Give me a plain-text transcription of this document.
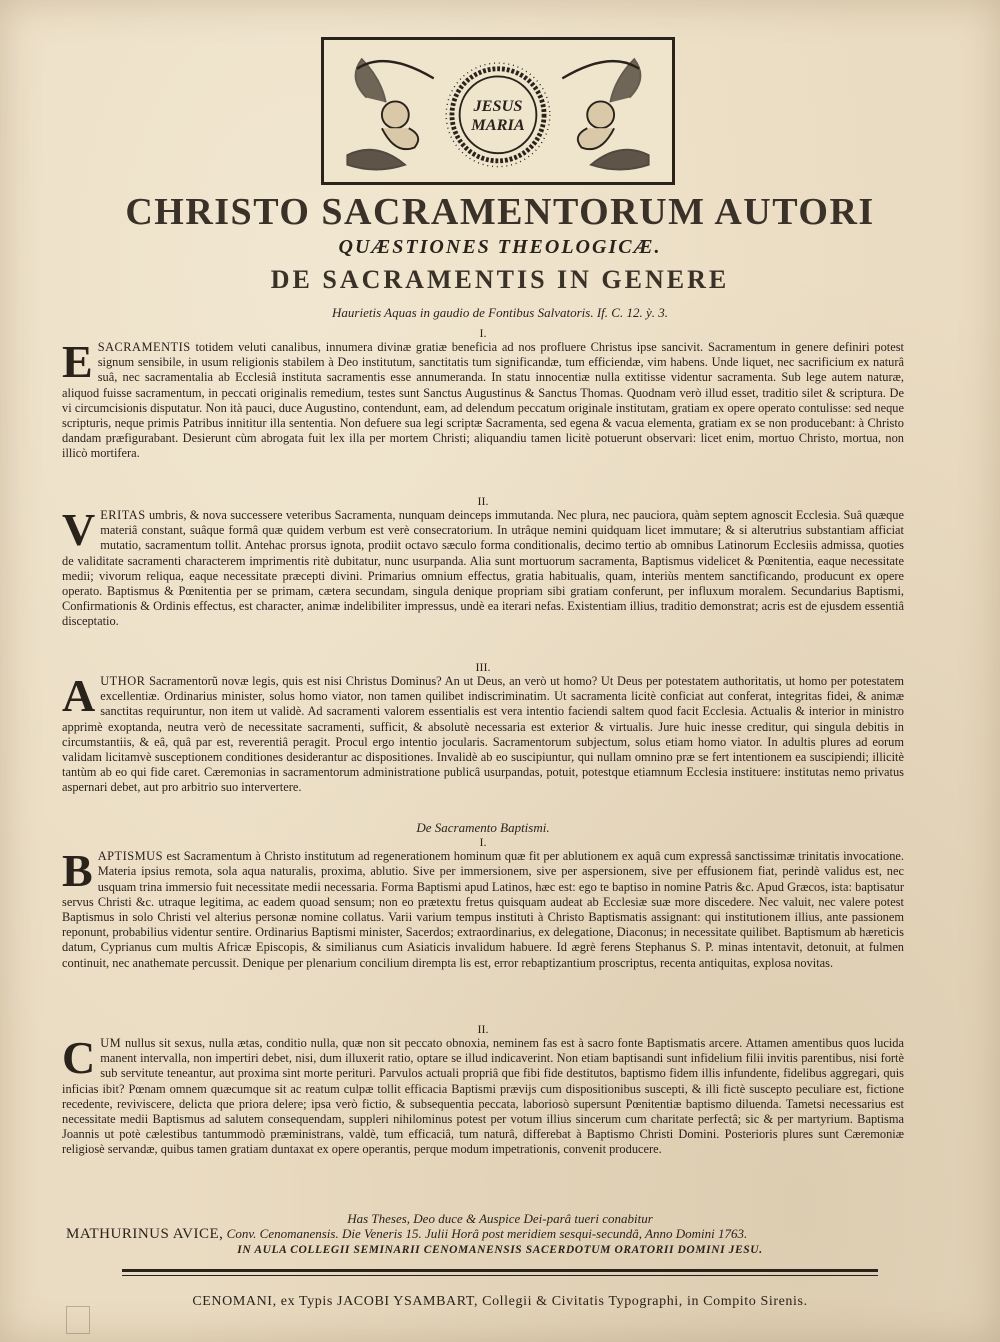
JESUS
MARIA
CHRISTO SACRAMENTORUM AUTORI
QUÆSTIONES THEOLOGICÆ.
DE SACRAMENTIS IN GENERE
Haurietis Aquas in gaudio de Fontibus Salvatoris. If. C. 12. ỳ. 3.

I.

ESACRAMENTIS totidem veluti canalibus, innumera divinæ gratiæ beneficia ad nos profluere Christus ipse sancivit. Sacramentum in genere definiri potest signum sensibile, in usum religionis stabilem à Deo institutum, sanctitatis tum significandæ, tum efficiendæ, vim habens. Unde liquet, nec sacrificium ex naturâ suâ, nec sacramentalia ab Ecclesiâ instituta sacramentis esse annumeranda. In statu innocentiæ nulla extitisse videntur sacramenta. Sub lege autem naturæ, aliquod fuisse sacramentum, in peccati originalis remedium, testes sunt Sanctus Augustinus & Sanctus Thomas. Quodnam verò illud esset, traditio silet & scriptura. De vi circumcisionis disputatur. Non ità pauci, duce Augustino, contendunt, eam, ad delendum peccatum originale institutam, gratiam ex opere operato contulisse: sed neque scripturis, neque primis Patribus innititur illa sententia. Non defuere sua legi scriptæ Sacramenta, sed egena & vacua elementa, gratiam ex se non producebant: à Christo dandam præfigurabant. Desierunt cùm abrogata fuit lex illa per mortem Christi; aliquandiu tamen licitè potuerunt observari: licet enim, mortuo Christo, mortua, non illicò mortifera.

II.

VERITAS umbris, & nova successere veteribus Sacramenta, nunquam deinceps immutanda. Nec plura, nec pauciora, quàm septem agnoscit Ecclesia. Suâ quæque materiâ constant, suâque formâ quæ quidem verbum est verè consecratorium. In utrâque nemini quidquam licet immutare; & si alterutrius substantiam afficiat mutatio, sacramentum tollit. Antehac prorsus ignota, prodiit octavo sæculo forma conditionalis, decimo tertio ab omnibus Latinorum Ecclesiis admissa, quoties de validitate sacramenti characterem imprimentis ritè dubitatur, nunc usurpanda. Alia sunt mortuorum sacramenta, Baptismus videlicet & Pœnitentia, eaque necessitate medii; vivorum reliqua, eaque necessitate præcepti divini. Primarius omnium effectus, gratia habitualis, quam, interiùs mentem sanctificando, producunt ex opere operato. Baptismus & Pœnitentia per se primam, cætera secundam, singula denique propriam sibi gratiam conferunt, per influxum moralem. Secundarius Baptismi, Confirmationis & Ordinis effectus, est character, animæ indelibiliter impressus, undè ea iterari nefas. Existentiam illius, traditio demonstrat; acris est de ejusdem essentiâ disceptatio.

III.

AUTHOR Sacramentorũ novæ legis, quis est nisi Christus Dominus? An ut Deus, an verò ut homo? Ut Deus per potestatem authoritatis, ut homo per potestatem excellentiæ. Ordinarius minister, solus homo viator, non tamen quilibet indiscriminatim. Ut sacramenta licitè conficiat aut conferat, integritas fidei, & animæ sanctitas requiruntur, non item ut validè. Ad sacramenti valorem essentialis est vera intentio faciendi saltem quod facit Ecclesia. Actualis & interior in ministro apprimè exoptanda, neutra verò de necessitate sacramenti, sufficit, & absolutè necessaria est exterior & virtualis. Jure huic inesse creditur, qui singula debitis in circumstantiis, & eâ, quâ par est, reverentiâ peragit. Procul ergo intentio jocularis. Sacramentorum subjectum, solus etiam homo viator. In adultis plures ad eorum validam licitamvè susceptionem conditiones desiderantur ac dispositiones. Invalidè ab eo suscipiuntur, qui nullam omnino præ se fert intentionem ea suscipiendi; illicitè tantùm ab eo qui fide caret. Cæremonias in sacramentorum administratione publicâ usurpandas, potuit, potestque etiamnum Ecclesia instituere: institutas nemo privatus aspernari debet, aut pro arbitrio suo intervertere.

De Sacramento Baptismi.

I.

BAPTISMUS est Sacramentum à Christo institutum ad regenerationem hominum quæ fit per ablutionem ex aquâ cum expressâ sanctissimæ trinitatis invocatione. Materia ipsius remota, sola aqua naturalis, proxima, ablutio. Sive per immersionem, sive per aspersionem, sive per effusionem fiat, perindè validus est, nec usquam trina immersio fuit necessitate medii necessaria. Forma Baptismi apud Latinos, hæc est: ego te baptiso in nomine Patris &c. Apud Græcos, ista: baptisatur servus Christi &c. utraque legitima, ac eadem quoad sensum; non eo prætextu fretus quisquam audeat ab Ecclesiæ suæ more discedere. Nec valuit, nec valere potest Baptismus in solo Christi vel alterius personæ nomine collatus. Varii varium tempus instituti à Christo Baptismatis assignant: qui institutionem illius, ante passionem reponunt, probabilius videntur sentire. Ordinarius Baptismi minister, Sacerdos; extraordinarius, ex delegatione, Diaconus; in necessitate quilibet. Baptismum ab hæreticis datum, Cyprianus cum multis Africæ Episcopis, & similianus cum Asiaticis invalidum habuere. Id ægrè ferens Stephanus S. P. minas intentavit, detonuit, at fulmen continuit, nec anathemate percussit. Denique per plenarium concilium dirempta lis est, error rebaptizantium proscriptus, recenta antiquitas, explosa novitas.

II.

CUM nullus sit sexus, nulla ætas, conditio nulla, quæ non sit peccato obnoxia, neminem fas est à sacro fonte Baptismatis arcere. Attamen amentibus quos lucida manent intervalla, non impertiri debet, nisi, dum illuxerit ratio, optare se illud indicaverint. Non etiam baptisandi sunt infidelium filii invitis parentibus, nisi fortè sub servitute teneantur, aut proxima sint morte perituri. Parvulos actuali propriâ que fibi fide destitutos, baptismo fidem illis infundente, fidelibus aggregari, quis inficias ibit? Pœnam omnem quæcumque sit ac reatum culpæ tollit efficacia Baptismi prævijs cum dispositionibus suscepti, & illi fictè suscepto peculiare est, fictione recedente, reviviscere, delicta que priora delere; ipsa verò fictio, & subsequentia peccata, laboriosò supersunt Pœnitentiæ baptismo diluenda. Tametsi necessarius est necessitate medii Baptismus ad salutem consequendam, suppleri nihilominus potest per votum illius sincerum cum charitate perfectâ; sic & per martyrium. Baptisma Joannis ut potè cælestibus tantummodò præministrans, valdè, tum efficaciâ, tum naturâ, differebat à Baptismo Christi Domini. Posterioris plures sunt Cæremoniæ religiosè servandæ, quibus tamen gratiam duntaxat ex opere operantis, perque modum impetrationis, convenit producere.

Has Theses, Deo duce & Auspice Dei-parâ tueri conabitur
MATHURINUS AVICE, Conv. Cenomanensis. Die Veneris 15. Julii Horâ post meridiem sesqui-secundâ, Anno Domini 1763.
IN AULA COLLEGII SEMINARII CENOMANENSIS SACERDOTUM ORATORII DOMINI JESU.
CENOMANI, ex Typis JACOBI YSAMBART, Collegii & Civitatis Typographi, in Compito Sirenis.
